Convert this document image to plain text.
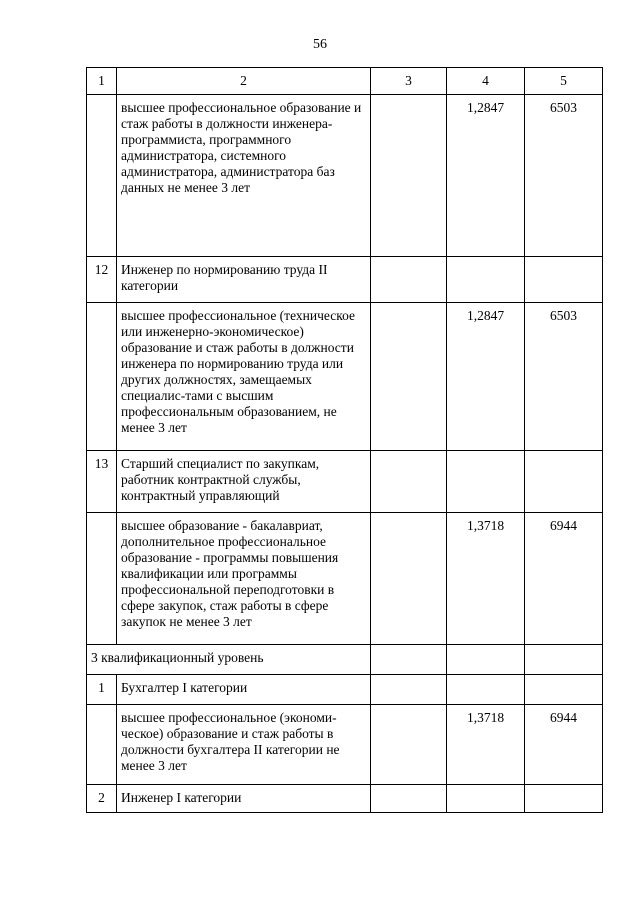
56
1	2	3	4	5
	высшее профессиональное образование и стаж работы в должности инженера-программиста, программного администратора, системного администратора, администратора баз данных не менее 3 лет		1,2847	6503
12	Инженер по нормированию труда II категории			
	высшее профессиональное (техническое или инженерно-экономическое) образование и стаж работы в должности инженера по нормированию труда или других должностях, замещаемых специалис-тами с высшим профессиональным образованием, не менее 3 лет		1,2847	6503
13	Старший специалист по закупкам, работник контрактной службы, контрактный управляющий			
	высшее образование - бакалавриат, дополнительное профессиональное образование - программы повышения квалификации или программы профессиональной переподготовки в сфере закупок, стаж работы в сфере закупок не менее 3 лет		1,3718	6944
3 квалификационный уровень				
1	Бухгалтер I категории			
	высшее профессиональное (экономи-ческое) образование и стаж работы в должности бухгалтера II категории не менее 3 лет		1,3718	6944
2	Инженер I категории			
